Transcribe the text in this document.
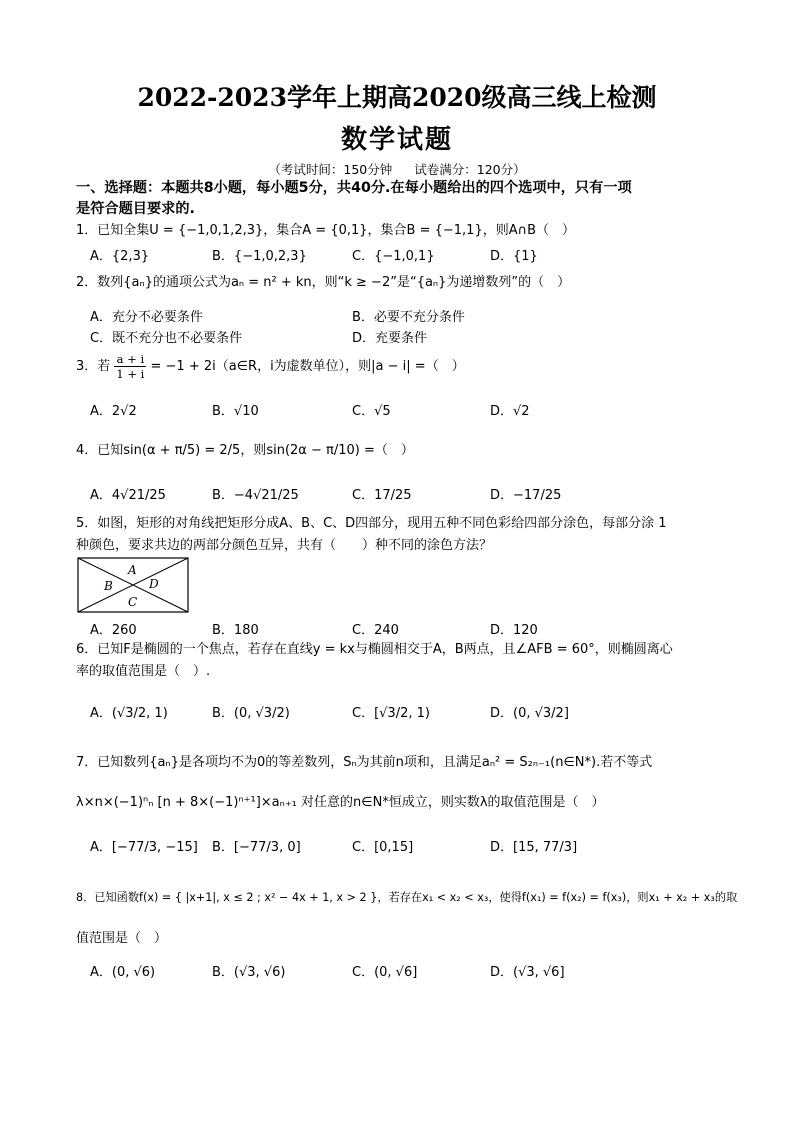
2022-2023学年上期高2020级高三线上检测
数学试题
（考试时间：150分钟 试卷满分：120分）
一、选择题：本题共8小题，每小题5分，共40分.在每小题给出的四个选项中，只有一项
是符合题目要求的.
1．已知全集U = {−1,0,1,2,3}，集合A = {0,1}，集合B = {−1,1}，则A∩B（　）
A．{2,3}	B．{−1,0,2,3}	C．{−1,0,1}	D．{1}
2．数列{aₙ}的通项公式为aₙ = n² + kn，则“k ≥ −2”是“{aₙ}为递增数列”的（　）
A．充分不必要条件	B．必要不充分条件
C．既不充分也不必要条件	D．充要条件
3．若 $\frac{a + i}{1 + i} = -1$ + 2i（a∈R，i为虚数单位），则|a − i| =（　）
A．2√2	B．√10	C．√5	D．√2
4．已知sin(α + π/5) = 2/5，则sin(2α − π/10) =（　）
A．4√21/25	B．−4√21/25	C．17/25	D．−17/25
5．如图，矩形的对角线把矩形分成A、B、C、D四部分，现用五种不同色彩给四部分涂色，每部分涂 1
种颜色，要求共边的两部分颜色互异，共有（　　）种不同的涂色方法？
A
B
C
D
A．260	B．180	C．240	D．120
6．已知F是椭圆的一个焦点，若存在直线y = kx与椭圆相交于A，B两点，且∠AFB = 60°，则椭圆离心
率的取值范围是（　）.
A．(√3/2, 1)	B．(0, √3/2)	C．[√3/2, 1)	D．(0, √3/2]
7．已知数列{aₙ}是各项均不为0的等差数列，Sₙ为其前n项和，且满足aₙ² = S₂ₙ₋₁(n∈N*).若不等式
λ×n×(−1)ⁿₙ [n + 8×(−1)ⁿ⁺¹]×aₙ₊₁ 对任意的n∈N*恒成立，则实数λ的取值范围是（　）
A．[−77/3, −15] B．[−77/3, 0]	C．[0,15]	D．[15, 77/3]
8．已知函数f(x) = { |x+1|, x ≤ 2 ; x² − 4x + 1, x > 2 }，若存在x₁ < x₂ < x₃，使得f(x₁) = f(x₂) = f(x₃)，则x₁ + x₂ + x₃的取
值范围是（　）
A．(0, √6)	B．(√3, √6)	C．(0, √6]	D．(√3, √6]
